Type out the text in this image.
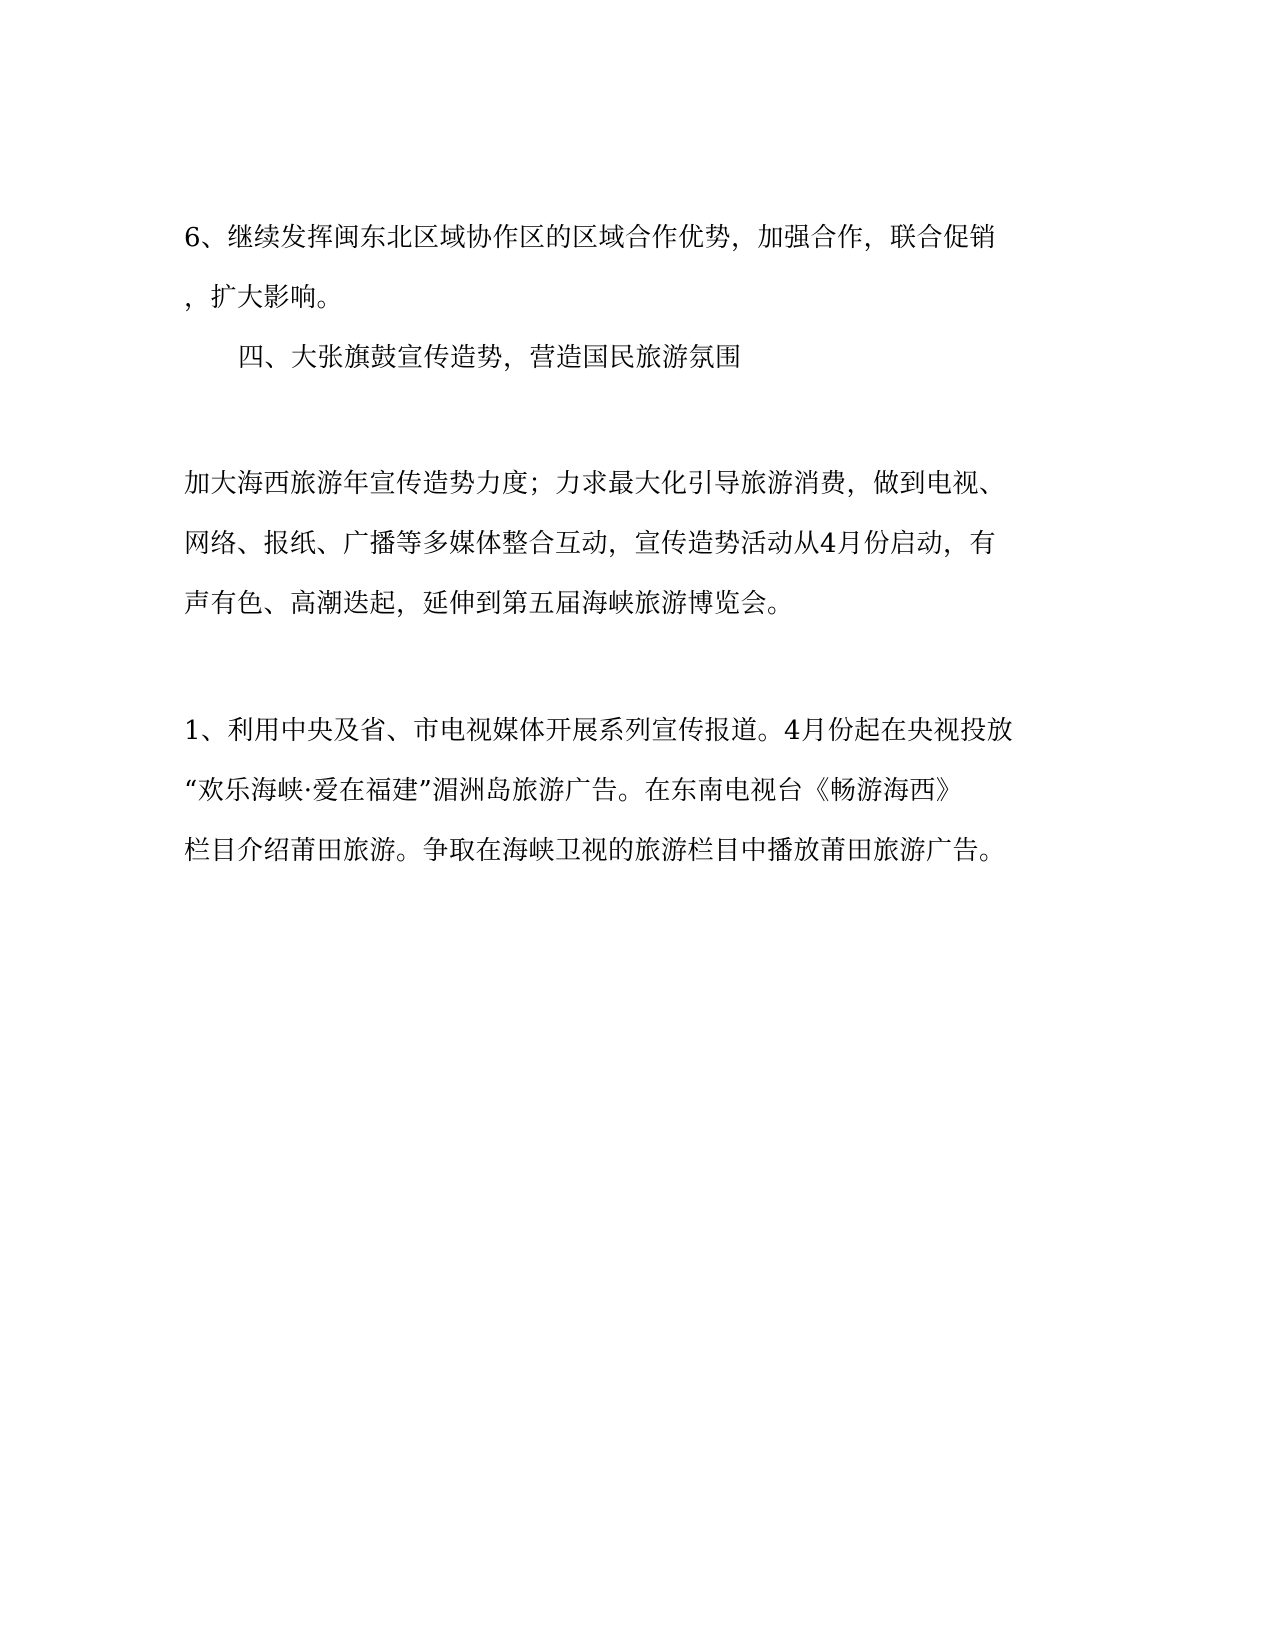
6、继续发挥闽东北区域协作区的区域合作优势，加强合作，联合促销
，扩大影响。
四、大张旗鼓宣传造势，营造国民旅游氛围
加大海西旅游年宣传造势力度；力求最大化引导旅游消费，做到电视、
网络、报纸、广播等多媒体整合互动，宣传造势活动从4月份启动，有
声有色、高潮迭起，延伸到第五届海峡旅游博览会。
1、利用中央及省、市电视媒体开展系列宣传报道。4月份起在央视投放
“欢乐海峡·爱在福建”湄洲岛旅游广告。在东南电视台《畅游海西》
栏目介绍莆田旅游。争取在海峡卫视的旅游栏目中播放莆田旅游广告。
